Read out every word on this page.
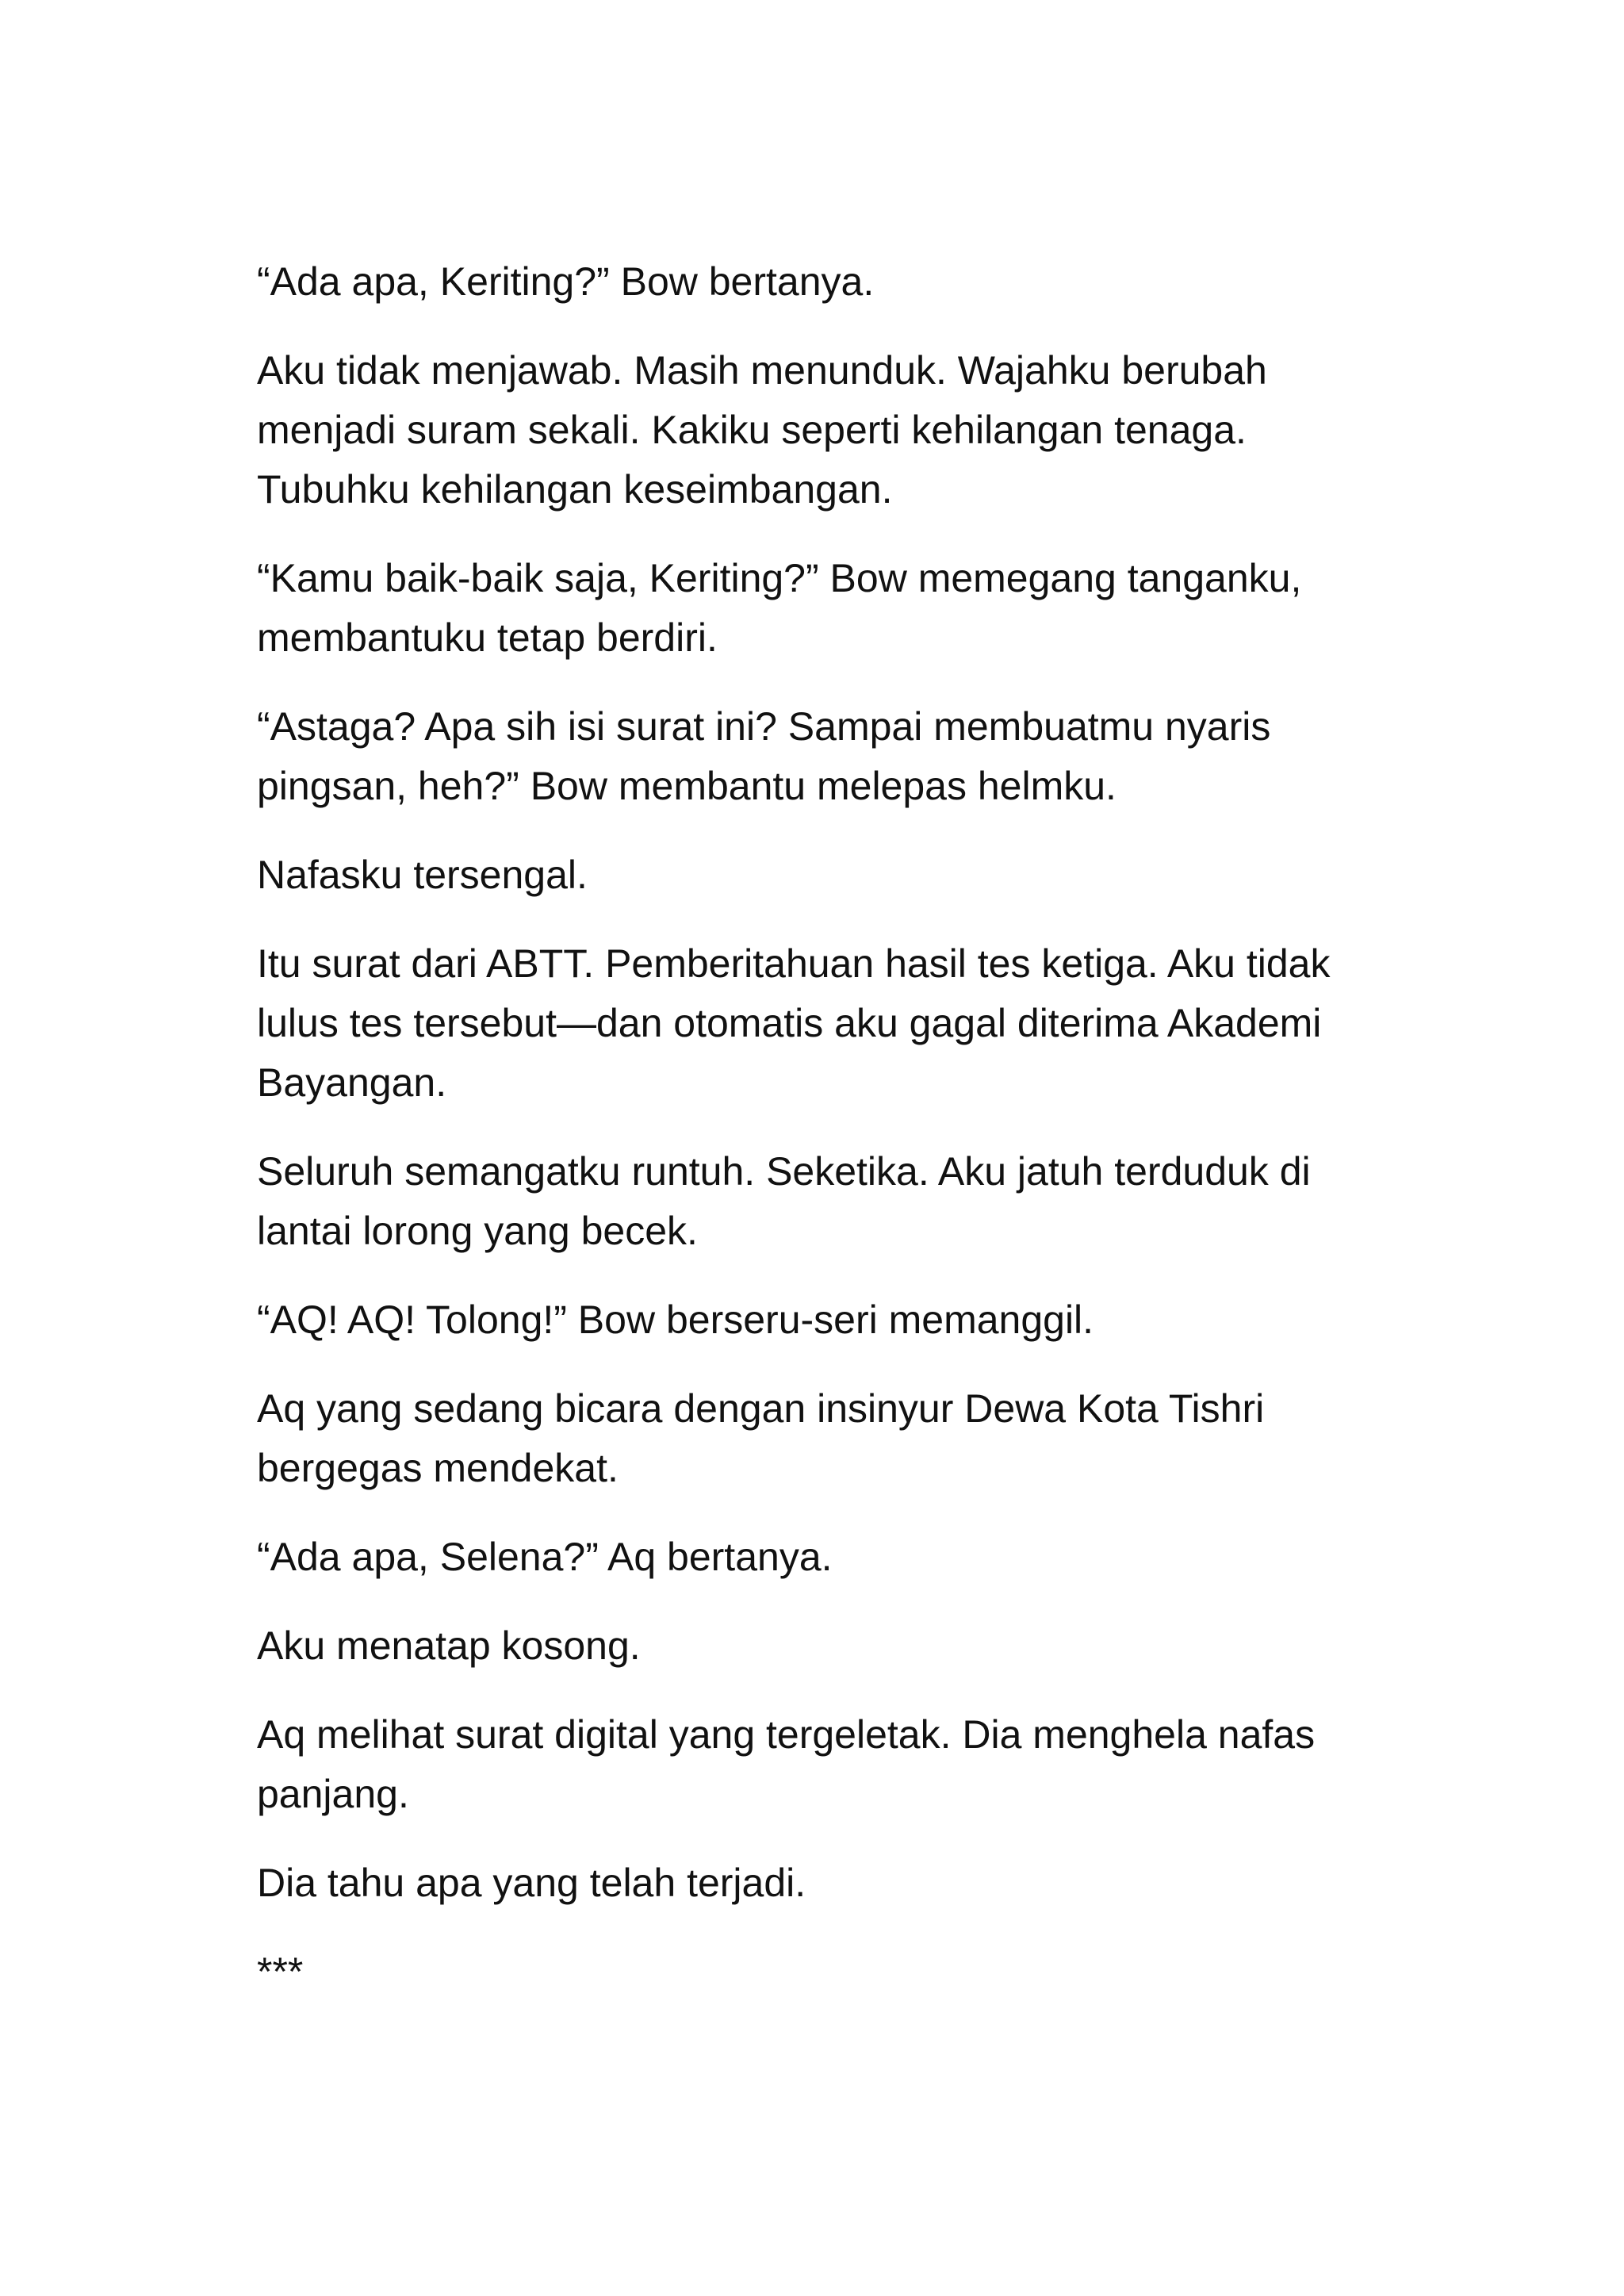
“Ada apa, Keriting?” Bow bertanya.

Aku tidak menjawab. Masih menunduk. Wajahku berubah menjadi suram sekali. Kakiku seperti kehilangan tenaga. Tubuhku kehilangan keseimbangan.

“Kamu baik-baik saja, Keriting?” Bow memegang tanganku, membantuku tetap berdiri.

“Astaga? Apa sih isi surat ini? Sampai membuatmu nyaris pingsan, heh?” Bow membantu melepas helmku.

Nafasku tersengal.

Itu surat dari ABTT. Pemberitahuan hasil tes ketiga. Aku tidak lulus tes tersebut—dan otomatis aku gagal diterima Akademi Bayangan.

Seluruh semangatku runtuh. Seketika. Aku jatuh terduduk di lantai lorong yang becek.

“AQ! AQ! Tolong!” Bow berseru-seri memanggil.

Aq yang sedang bicara dengan insinyur Dewa Kota Tishri bergegas mendekat.

“Ada apa, Selena?” Aq bertanya.

Aku menatap kosong.

Aq melihat surat digital yang tergeletak. Dia menghela nafas panjang.

Dia tahu apa yang telah terjadi.

***
